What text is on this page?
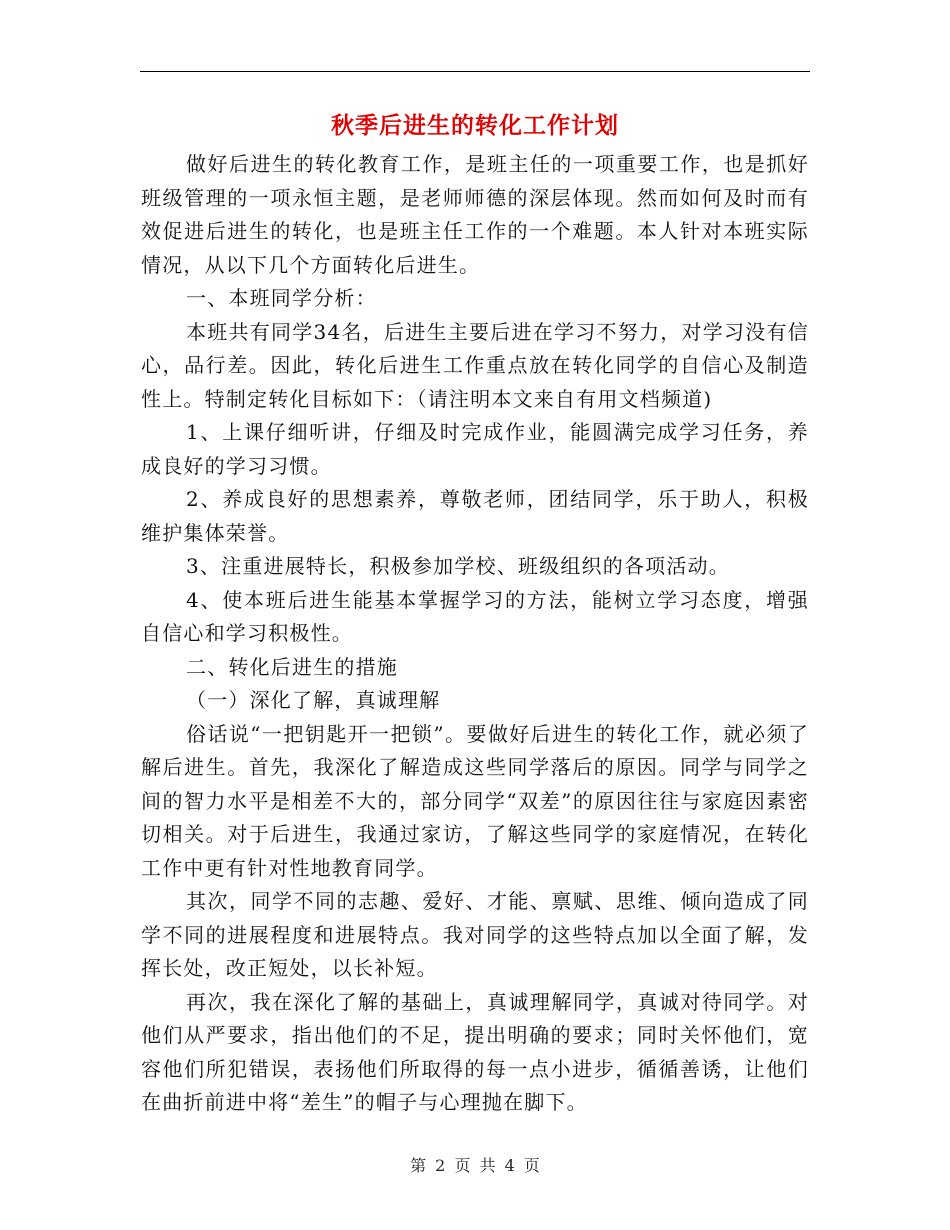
秋季后进生的转化工作计划

做好后进生的转化教育工作，是班主任的一项重要工作，也是抓好班级管理的一项永恒主题，是老师师德的深层体现。然而如何及时而有效促进后进生的转化，也是班主任工作的一个难题。本人针对本班实际情况，从以下几个方面转化后进生。

一、本班同学分析：

本班共有同学34名，后进生主要后进在学习不努力，对学习没有信心，品行差。因此，转化后进生工作重点放在转化同学的自信心及制造性上。特制定转化目标如下：（请注明本文来自有用文档频道)

1、上课仔细听讲，仔细及时完成作业，能圆满完成学习任务，养成良好的学习习惯。

2、养成良好的思想素养，尊敬老师，团结同学，乐于助人，积极维护集体荣誉。

3、注重进展特长，积极参加学校、班级组织的各项活动。

4、使本班后进生能基本掌握学习的方法，能树立学习态度，增强自信心和学习积极性。

二、转化后进生的措施

（一）深化了解，真诚理解

俗话说“一把钥匙开一把锁”。要做好后进生的转化工作，就必须了解后进生。首先，我深化了解造成这些同学落后的原因。同学与同学之间的智力水平是相差不大的，部分同学“双差”的原因往往与家庭因素密切相关。对于后进生，我通过家访，了解这些同学的家庭情况，在转化工作中更有针对性地教育同学。

其次，同学不同的志趣、爱好、才能、禀赋、思维、倾向造成了同学不同的进展程度和进展特点。我对同学的这些特点加以全面了解，发挥长处，改正短处，以长补短。

再次，我在深化了解的基础上，真诚理解同学，真诚对待同学。对他们从严要求，指出他们的不足，提出明确的要求；同时关怀他们，宽容他们所犯错误，表扬他们所取得的每一点小进步，循循善诱，让他们在曲折前进中将“差生”的帽子与心理抛在脚下。

第 2 页 共 4 页
